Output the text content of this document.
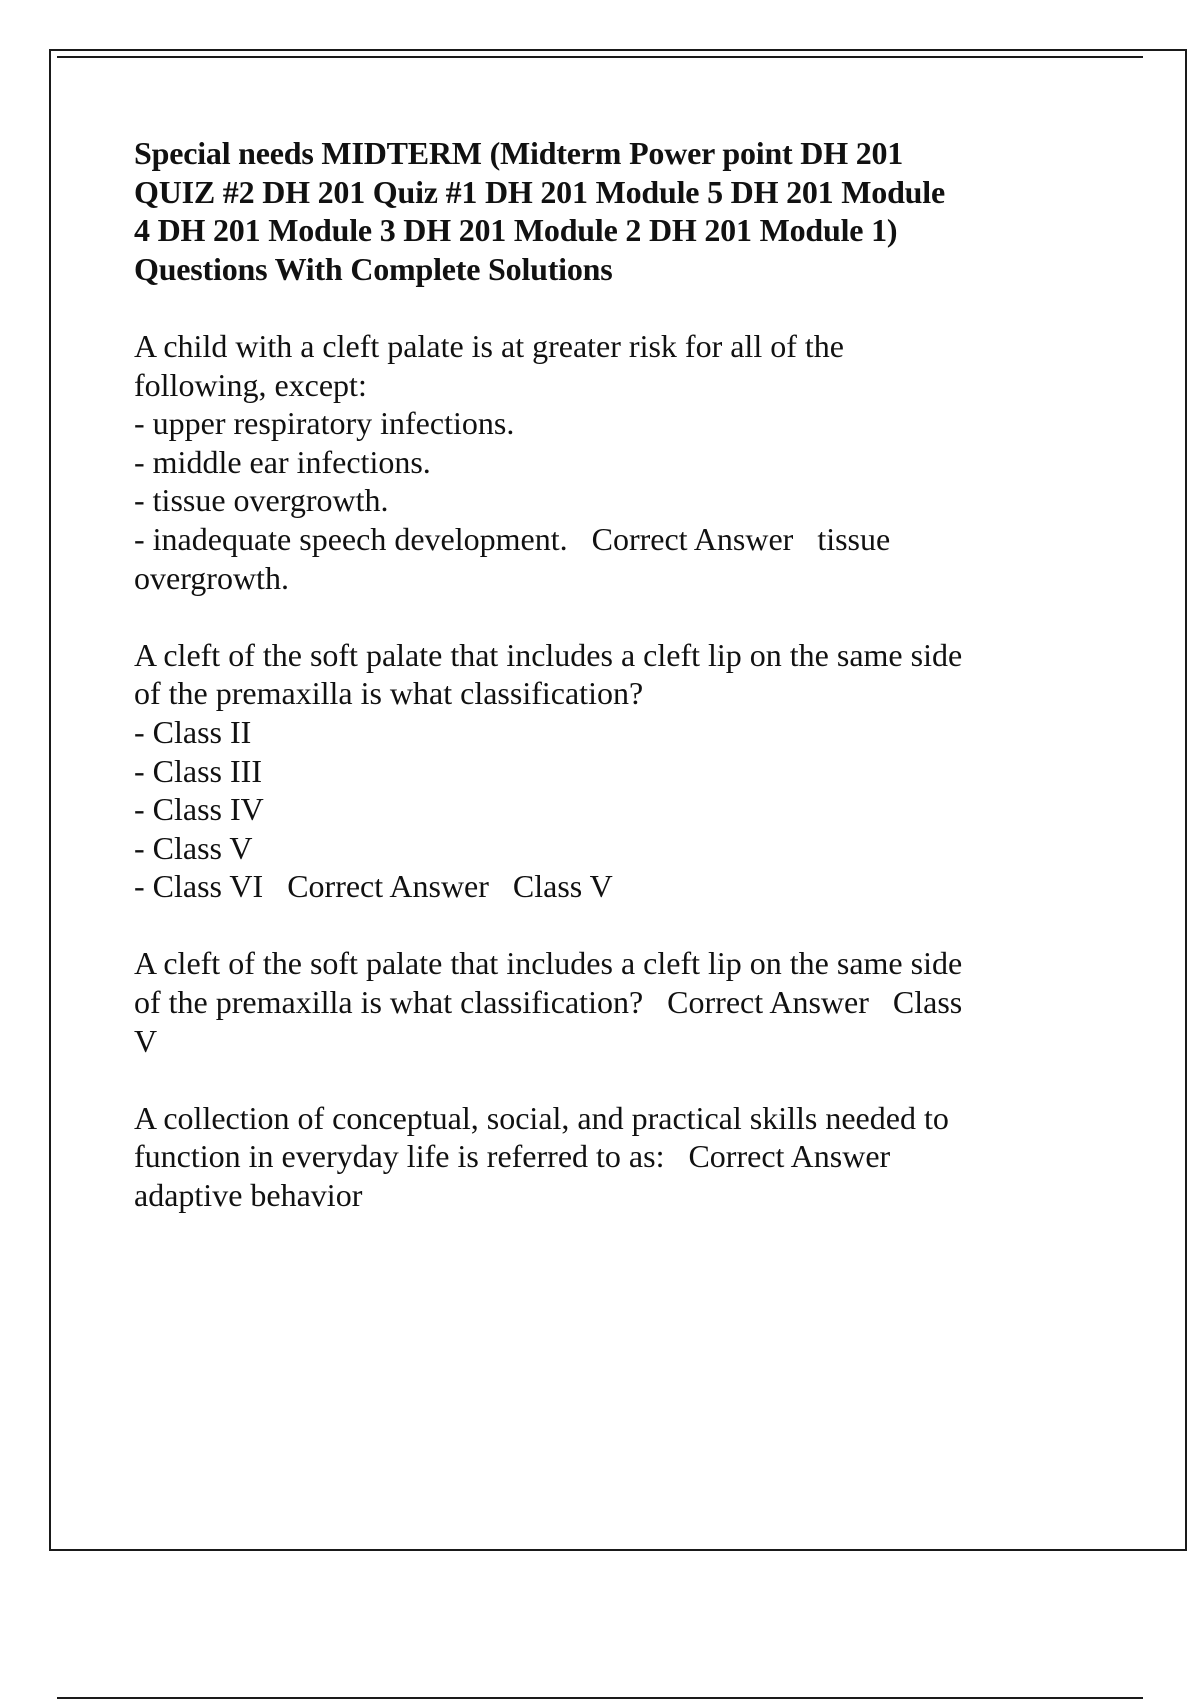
Special needs MIDTERM (Midterm Power point DH 201
QUIZ #2 DH 201 Quiz #1 DH 201 Module 5 DH 201 Module
4 DH 201 Module 3 DH 201 Module 2 DH 201 Module 1)
Questions With Complete Solutions
A child with a cleft palate is at greater risk for all of the
following, except:
- upper respiratory infections.
- middle ear infections.
- tissue overgrowth.
- inadequate speech development.   Correct Answer   tissue
overgrowth.
A cleft of the soft palate that includes a cleft lip on the same side
of the premaxilla is what classification?
- Class II
- Class III
- Class IV
- Class V
- Class VI   Correct Answer   Class V
A cleft of the soft palate that includes a cleft lip on the same side
of the premaxilla is what classification?   Correct Answer   Class
V
A collection of conceptual, social, and practical skills needed to
function in everyday life is referred to as:   Correct Answer
adaptive behavior
